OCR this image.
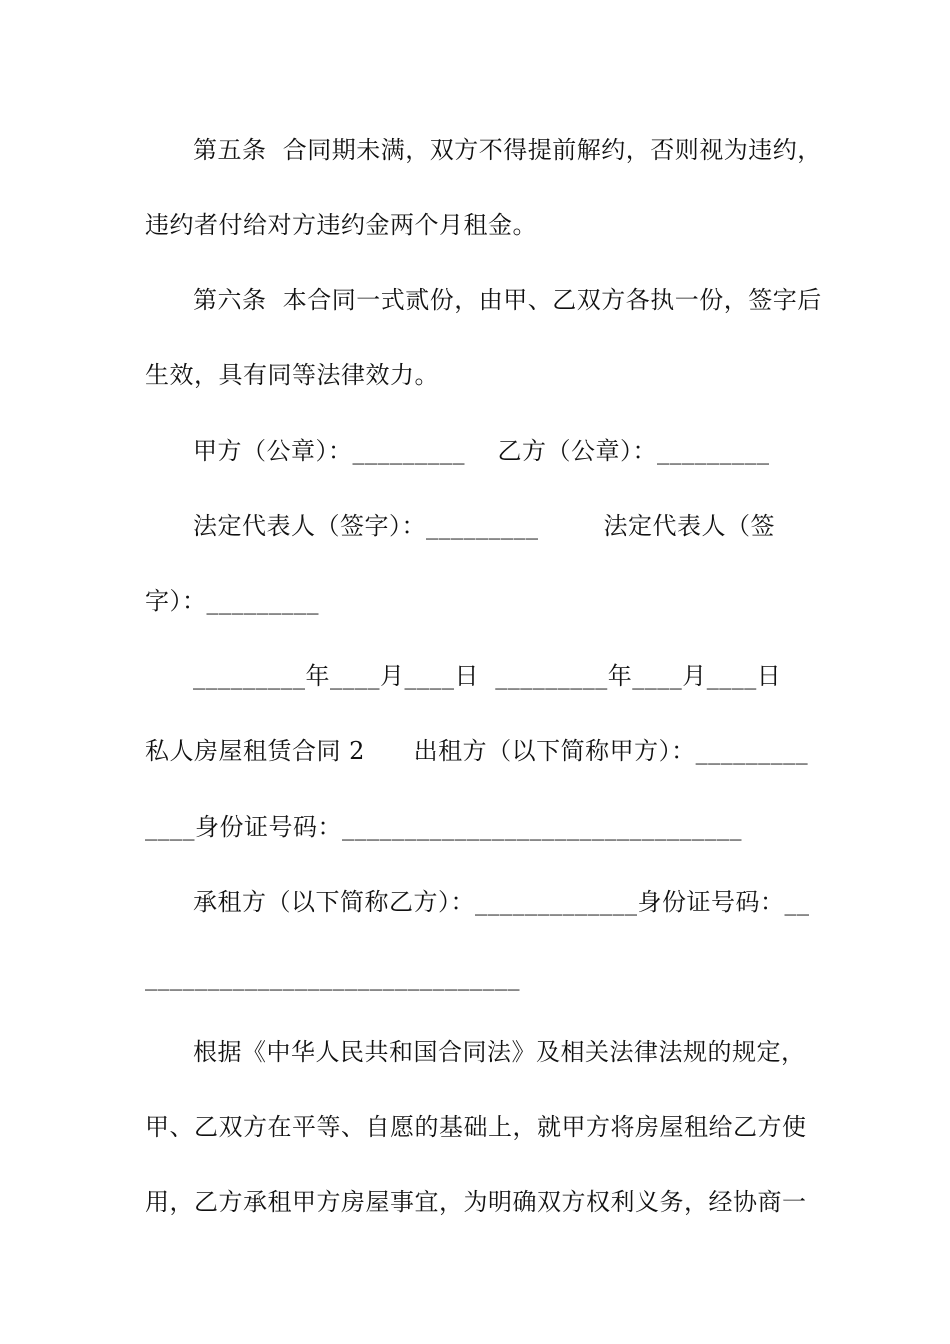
第五条  合同期未满，双方不得提前解约，否则视为违约，
违约者付给对方违约金两个月租金。
第六条  本合同一式贰份，由甲、乙双方各执一份，签字后
生效，具有同等法律效力。
甲方（公章）：_________    乙方（公章）：_________
法定代表人（签字）：_________        法定代表人（签
字）：_________
_________年____月____日  _________年____月____日
私人房屋租赁合同 2      出租方（以下简称甲方）：_________
____身份证号码：________________________________
承租方（以下简称乙方）：_____________身份证号码：__
______________________________
根据《中华人民共和国合同法》及相关法律法规的规定，
甲、乙双方在平等、自愿的基础上，就甲方将房屋租给乙方使
用，乙方承租甲方房屋事宜，为明确双方权利义务，经协商一
